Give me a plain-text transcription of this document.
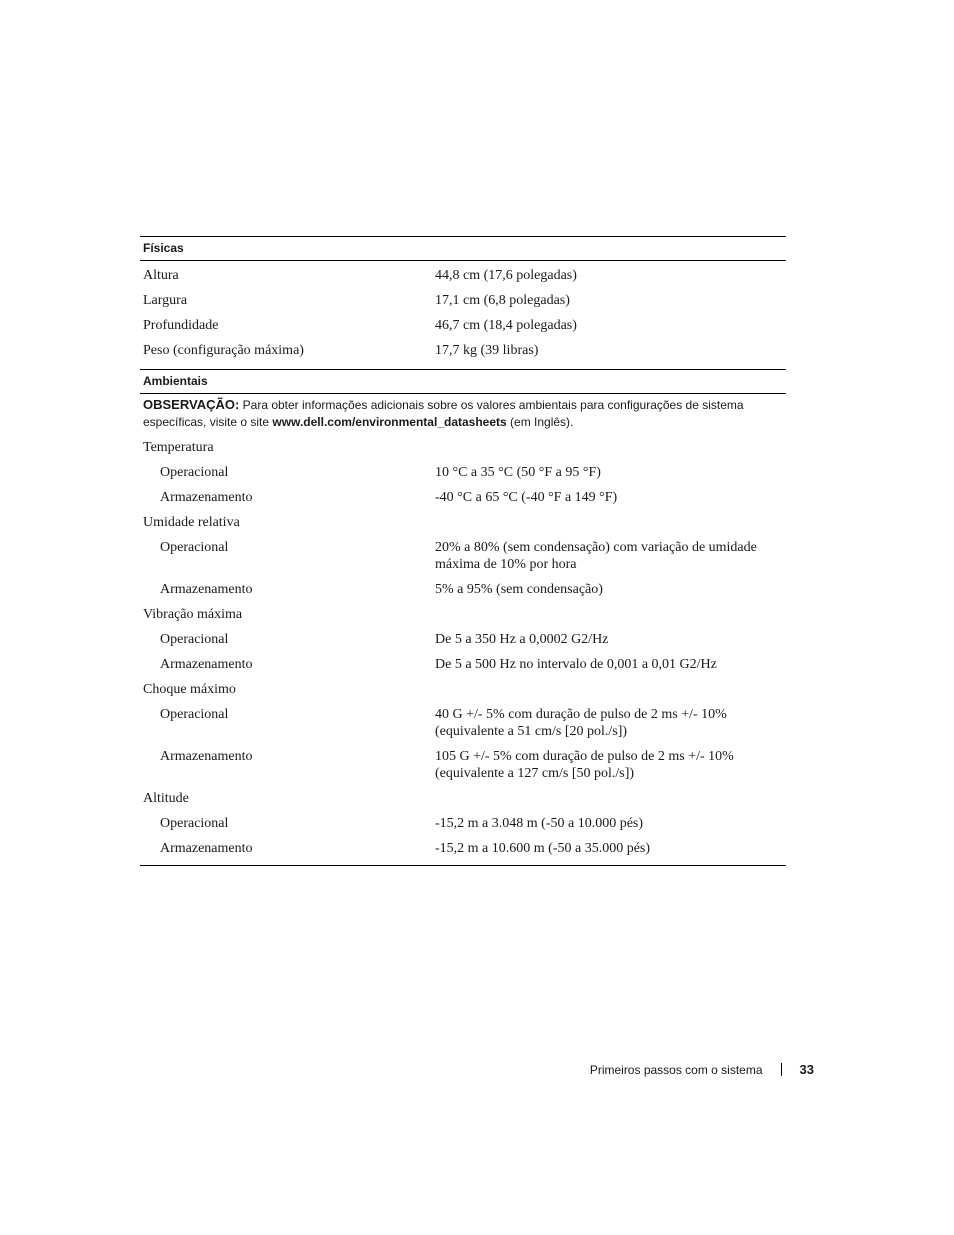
Físicas
Altura	44,8 cm (17,6 polegadas)
Largura	17,1 cm (6,8 polegadas)
Profundidade	46,7 cm (18,4 polegadas)
Peso (configuração máxima)	17,7 kg (39 libras)
Ambientais
OBSERVAÇÃO: Para obter informações adicionais sobre os valores ambientais para configurações de sistema específicas, visite o site www.dell.com/environmental_datasheets (em Inglês).
Temperatura
Operacional	10 °C a 35 °C (50 °F a 95 °F)
Armazenamento	-40 °C a 65 °C (-40 °F a 149 °F)
Umidade relativa
Operacional	20% a 80% (sem condensação) com variação de umidade máxima de 10% por hora
Armazenamento	5% a 95% (sem condensação)
Vibração máxima
Operacional	De 5 a 350 Hz a 0,0002 G2/Hz
Armazenamento	De 5 a 500 Hz no intervalo de 0,001 a 0,01 G2/Hz
Choque máximo
Operacional	40 G +/- 5% com duração de pulso de 2 ms +/- 10% (equivalente a 51 cm/s [20 pol./s])
Armazenamento	105 G +/- 5% com duração de pulso de 2 ms +/- 10% (equivalente a 127 cm/s [50 pol./s])
Altitude
Operacional	-15,2 m a 3.048 m (-50 a 10.000 pés)
Armazenamento	-15,2 m a 10.600 m (-50 a 35.000 pés)
Primeiros passos com o sistema	33
